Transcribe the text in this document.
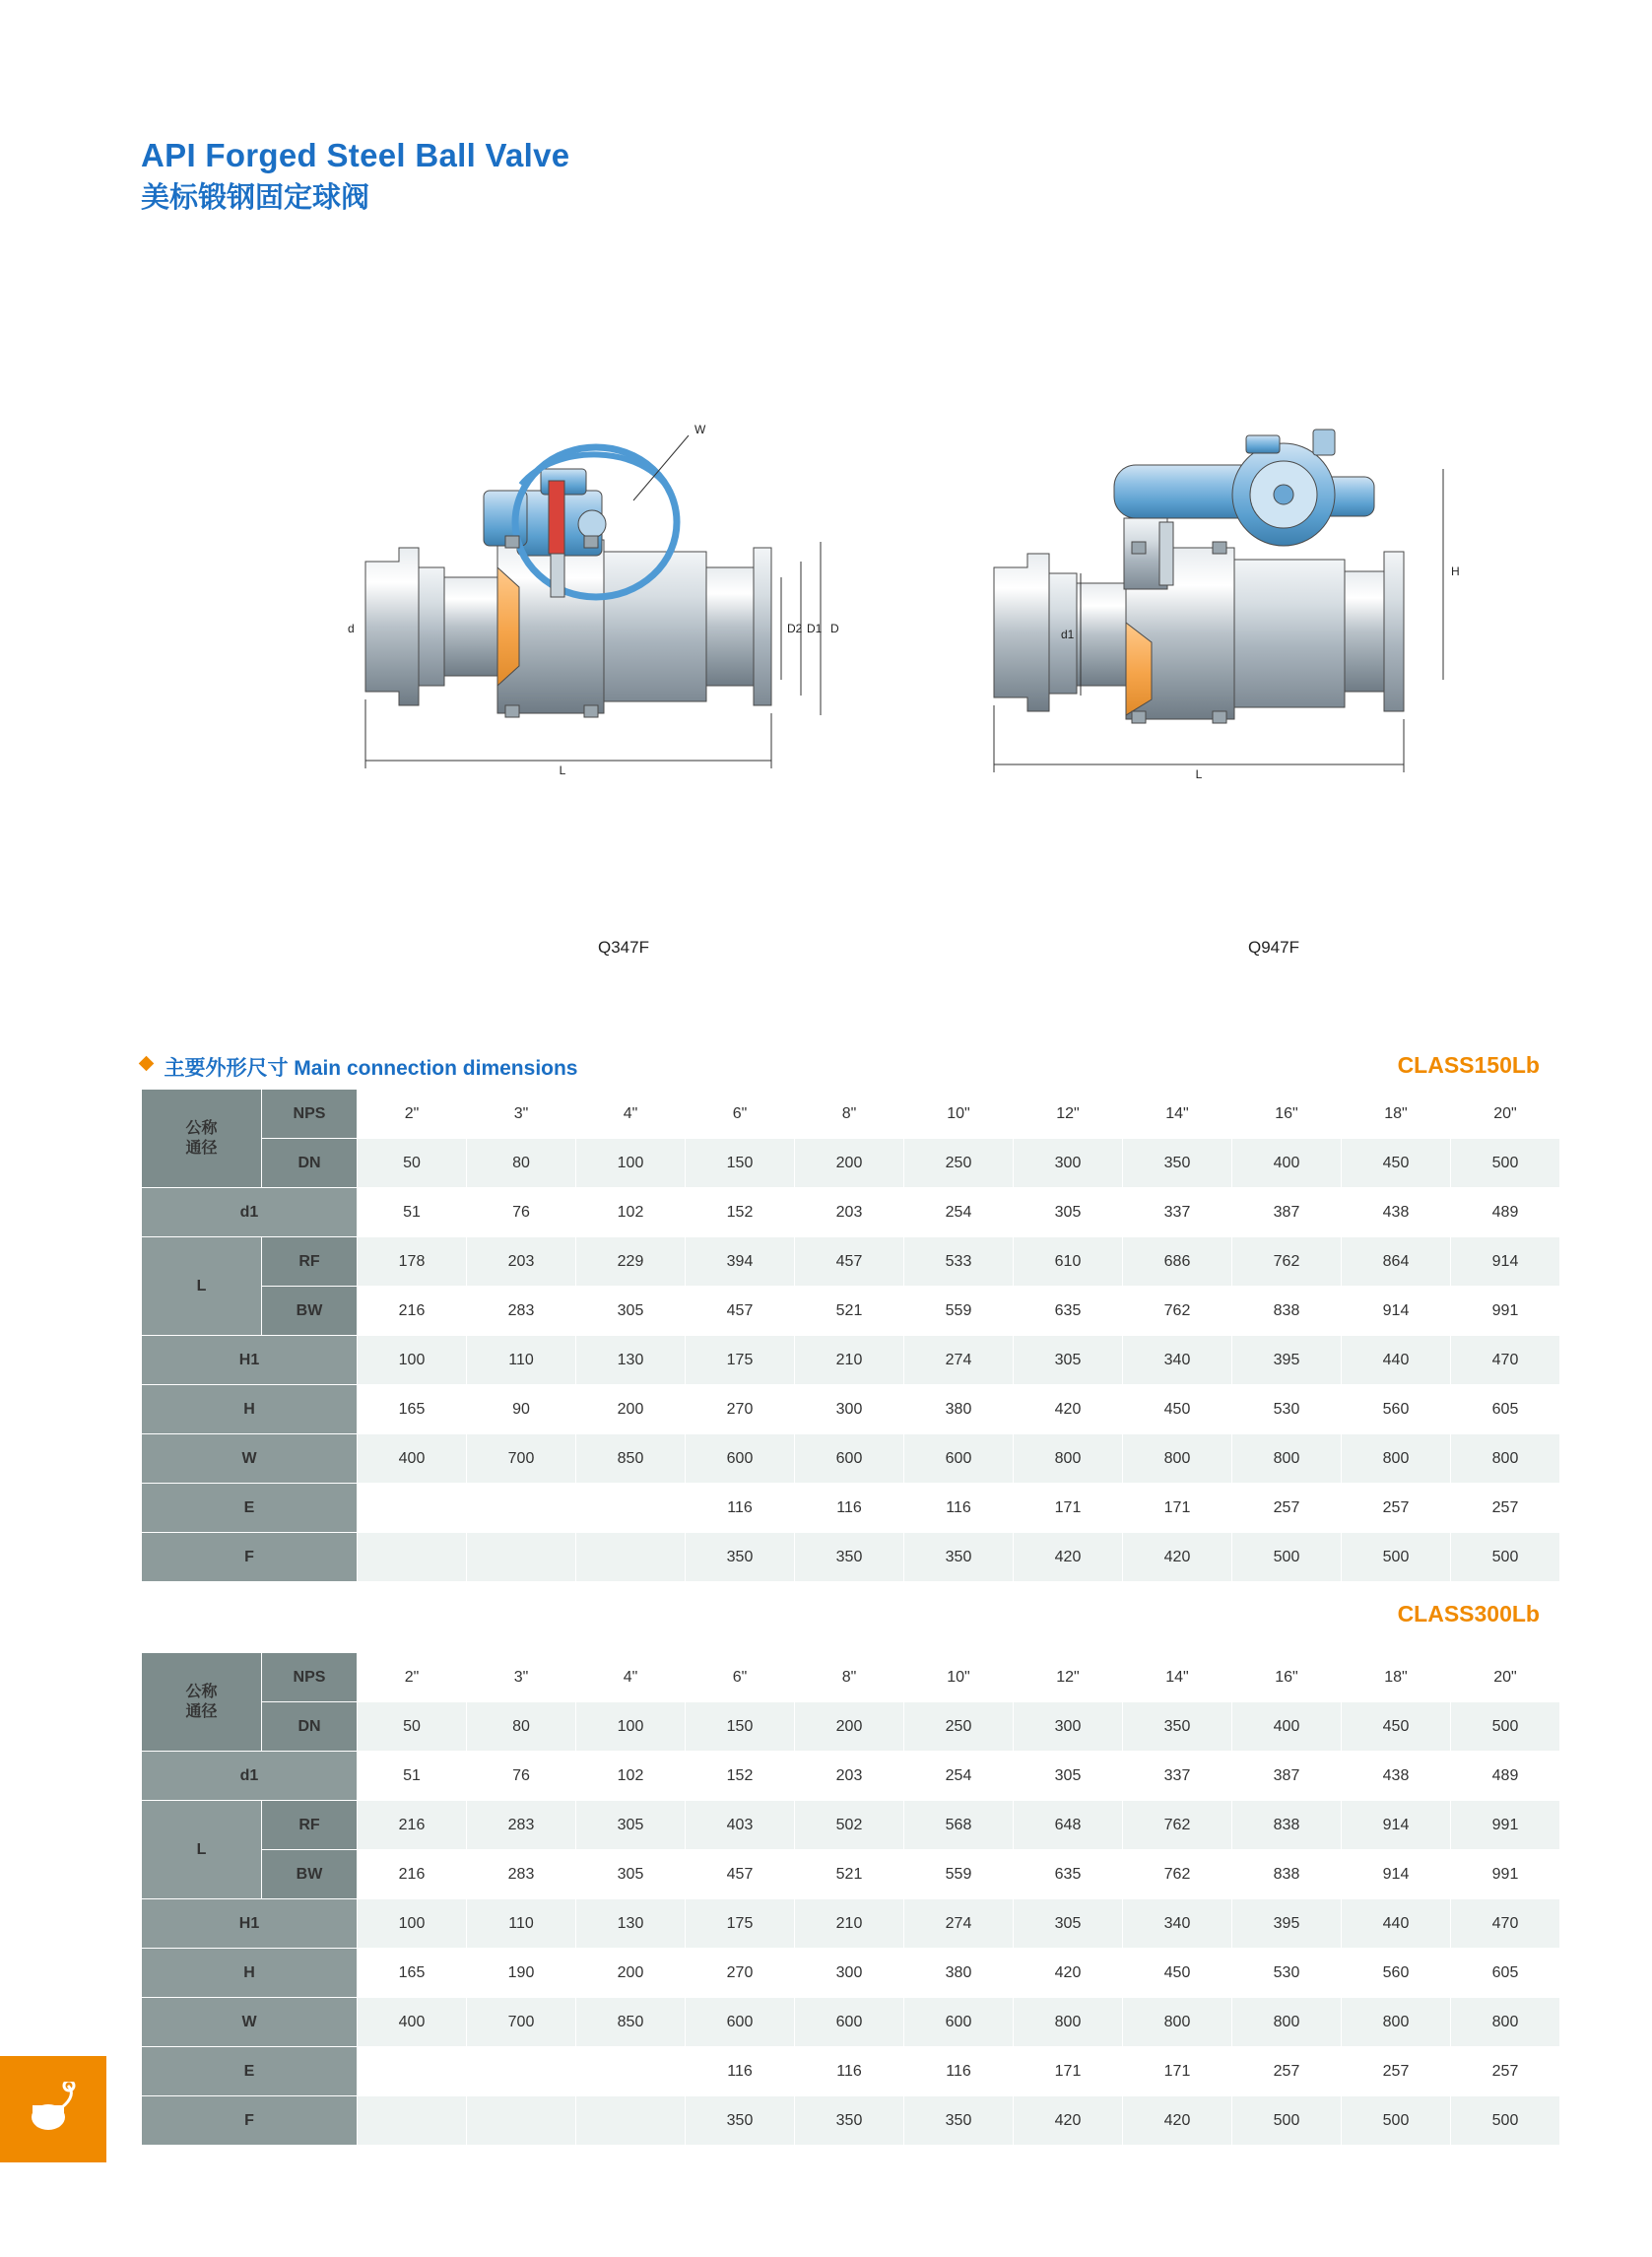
API Forged Steel Ball Valve
美标锻钢固定球阀
L
D
D1
D2
d
W
Q347F
L
d1
H
Q947F
主要外形尺寸 Main connection dimensions	CLASS150Lb
公称
通径	NPS	2"	3"	4"	6"	8"	10"	12"	14"	16"	18"	20"
	DN	50	80	100	150	200	250	300	350	400	450	500
d1		51	76	102	152	203	254	305	337	387	438	489
L	RF	178	203	229	394	457	533	610	686	762	864	914
	BW	216	283	305	457	521	559	635	762	838	914	991
H1		100	110	130	175	210	274	305	340	395	440	470
H		165	90	200	270	300	380	420	450	530	560	605
W		400	700	850	600	600	600	800	800	800	800	800
E					116	116	116	171	171	257	257	257
F					350	350	350	420	420	500	500	500
CLASS300Lb
公称
通径	NPS	2"	3"	4"	6"	8"	10"	12"	14"	16"	18"	20"
	DN	50	80	100	150	200	250	300	350	400	450	500
d1		51	76	102	152	203	254	305	337	387	438	489
L	RF	216	283	305	403	502	568	648	762	838	914	991
	BW	216	283	305	457	521	559	635	762	838	914	991
H1		100	110	130	175	210	274	305	340	395	440	470
H		165	190	200	270	300	380	420	450	530	560	605
W		400	700	850	600	600	600	800	800	800	800	800
E					116	116	116	171	171	257	257	257
F					350	350	350	420	420	500	500	500
